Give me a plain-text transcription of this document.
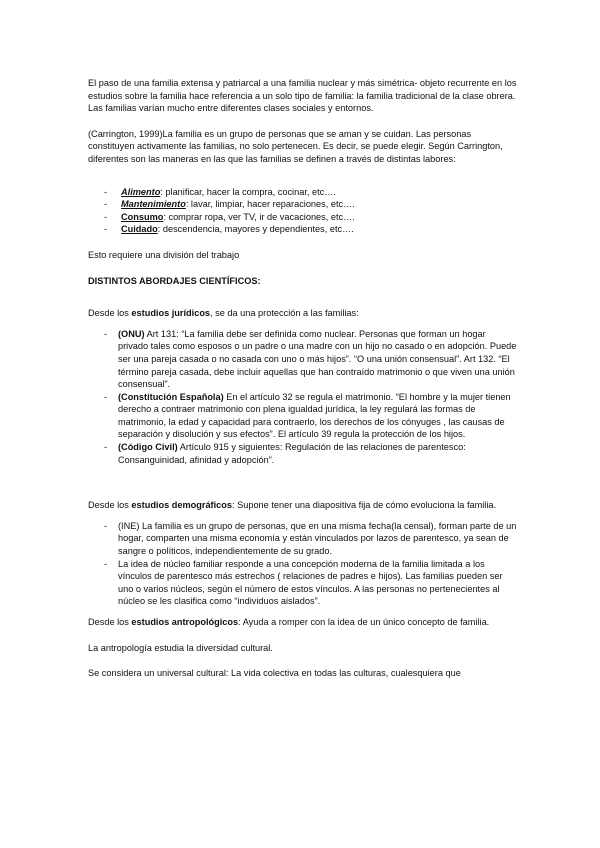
El paso de una familia extensa y patriarcal a una familia nuclear y más simétrica- objeto recurrente en los estudios sobre la familia hace referencia a un solo tipo de familia: la familia tradicional de la clase obrera. Las familias varían mucho entre diferentes clases sociales y entornos.

(Carrington, 1999)La familia es un grupo de personas que se aman y se cuidan. Las personas constituyen activamente las familias, no solo pertenecen. Es decir, se puede elegir. Según Carrington, diferentes son las maneras en las que las familias se definen a través de distintas labores:

- Alimento: planificar, hacer la compra, cocinar, etc….
- Mantenimiento: lavar, limpiar, hacer reparaciones, etc….
- Consumo: comprar ropa, ver TV, ir de vacaciones, etc….
- Cuidado: descendencia, mayores y dependientes, etc….

Esto requiere una división del trabajo

DISTINTOS ABORDAJES CIENTÍFICOS:

Desde los estudios jurídicos, se da una protección a las familias:

- (ONU) Art 131: “La familia debe ser definida como nuclear. Personas que forman un hogar privado tales como esposos o un padre o una madre con un hijo no casado o en adopción. Puede ser una pareja casada o no casada con uno o más hijos”. “O una unión consensual”. Art 132. “El término pareja casada, debe incluir aquellas que han contraído matrimonio o que viven una unión consensual”.
- (Constitución Española) En el artículo 32 se regula el matrimonio. “El hombre y la mujer tienen derecho a contraer matrimonio con plena igualdad jurídica, la ley regulará las formas de matrimonio, la edad y capacidad para contraerlo, los derechos de los cónyuges , las causas de separación y disolución y sus efectos”. El artículo 39 regula la protección de los hijos.
- (Código Civil) Artículo 915 y siguientes: Regulación de las relaciones de parentesco: Consanguinidad, afinidad y adopción”.

Desde los estudios demográficos: Supone tener una diapositiva fija de cómo evoluciona la familia.

- (INE) La familia es un grupo de personas, que en una misma fecha(la censal), forman parte de un hogar, comparten una misma economía y están vinculados por lazos de parentesco, ya sean de sangre o políticos, independientemente de su grado.
- La idea de núcleo familiar responde a una concepción moderna de la familia limitada a los vínculos de parentesco más estrechos ( relaciones de padres e hijos). Las familias pueden ser uno o varios núcleos, según el número de estos vínculos. A las personas no pertenecientes al núcleo se les clasifica como “individuos aislados”.

Desde los estudios antropológicos: Ayuda a romper con la idea de un único concepto de familia.

La antropología estudia la diversidad cultural.

Se considera un universal cultural: La vida colectiva en todas las culturas, cualesquiera que
